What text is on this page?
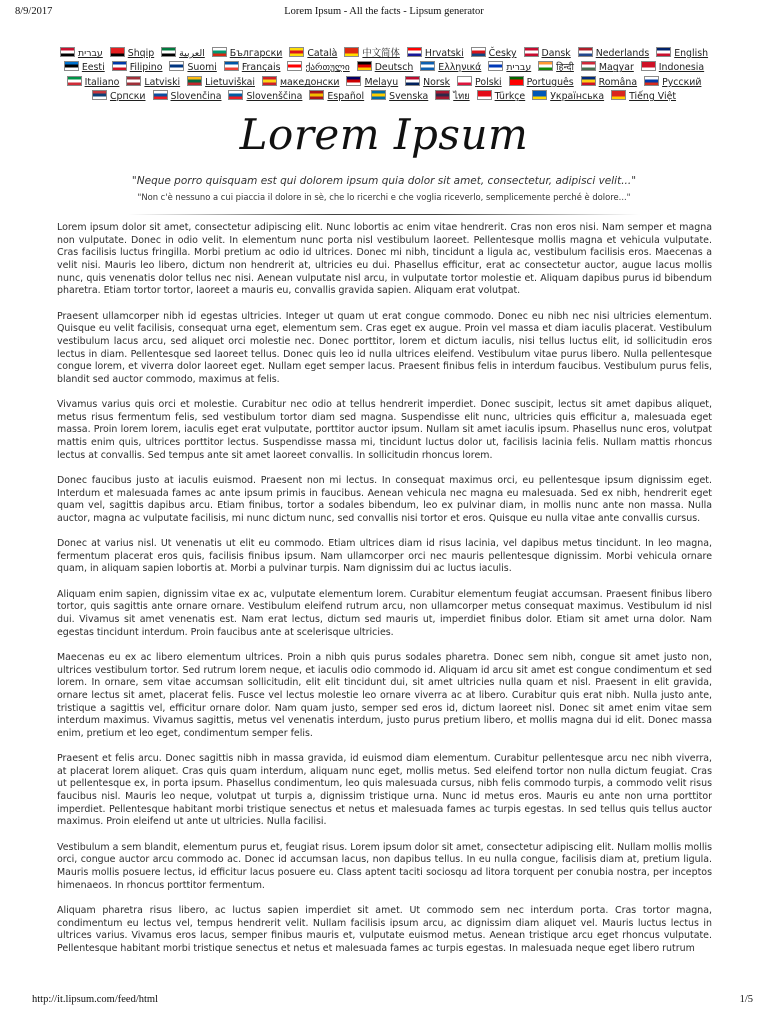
8/9/2017	Lorem Ipsum - All the facts - Lipsum generator
‏עברית	Shqip	‫العربية	Български	Català	中文简体	Hrvatski	Česky	Dansk	Nederlands	English Eesti	Filipino	Suomi	Français	ქართული	Deutsch	Ελληνικά	‫עברית	हिन्दी	Magyar	Indonesia Italiano	Latviski	Lietuviškai	македонски	Melayu	Norsk	Polski	Português	Româna	Pyccкий Српски	Slovenčina	Slovenščina	Español	Svenska	ไทย	Türkçe	Українська	Tiếng Việt
Lorem Ipsum
"Neque porro quisquam est qui dolorem ipsum quia dolor sit amet, consectetur, adipisci velit..."
"Non c'è nessuno a cui piaccia il dolore in sè, che lo ricerchi e che voglia riceverlo, semplicemente perché è dolore..."

Lorem ipsum dolor sit amet, consectetur adipiscing elit. Nunc lobortis ac enim vitae hendrerit. Cras non eros nisi. Nam semper et magna non vulputate. Donec in odio velit. In elementum nunc porta nisl vestibulum laoreet. Pellentesque mollis magna et vehicula vulputate. Cras facilisis luctus fringilla. Morbi pretium ac odio id ultrices. Donec mi nibh, tincidunt a ligula ac, vestibulum facilisis eros. Maecenas a velit nisi. Mauris leo libero, dictum non hendrerit at, ultricies eu dui. Phasellus efficitur, erat ac consectetur auctor, augue lacus mollis nunc, quis venenatis dolor tellus nec nisi. Aenean vulputate nisl arcu, in vulputate tortor molestie et. Aliquam dapibus purus id bibendum pharetra. Etiam tortor tortor, laoreet a mauris eu, convallis gravida sapien. Aliquam erat volutpat.

Praesent ullamcorper nibh id egestas ultricies. Integer ut quam ut erat congue commodo. Donec eu nibh nec nisi ultricies elementum. Quisque eu velit facilisis, consequat urna eget, elementum sem. Cras eget ex augue. Proin vel massa et diam iaculis placerat. Vestibulum vestibulum lacus arcu, sed aliquet orci molestie nec. Donec porttitor, lorem et dictum iaculis, nisi tellus luctus elit, id sollicitudin eros lectus in diam. Pellentesque sed laoreet tellus. Donec quis leo id nulla ultrices eleifend. Vestibulum vitae purus libero. Nulla pellentesque congue lorem, et viverra dolor laoreet eget. Nullam eget semper lacus. Praesent finibus felis in interdum faucibus. Vestibulum purus felis, blandit sed auctor commodo, maximus at felis.

Vivamus varius quis orci et molestie. Curabitur nec odio at tellus hendrerit imperdiet. Donec suscipit, lectus sit amet dapibus aliquet, metus risus fermentum felis, sed vestibulum tortor diam sed magna. Suspendisse elit nunc, ultricies quis efficitur a, malesuada eget massa. Proin lorem lorem, iaculis eget erat vulputate, porttitor auctor ipsum. Nullam sit amet iaculis ipsum. Phasellus nunc eros, volutpat mattis enim quis, ultrices porttitor lectus. Suspendisse massa mi, tincidunt luctus dolor ut, facilisis lacinia felis. Nullam mattis rhoncus lectus at convallis. Sed tempus ante sit amet laoreet convallis. In sollicitudin rhoncus lorem.

Donec faucibus justo at iaculis euismod. Praesent non mi lectus. In consequat maximus orci, eu pellentesque ipsum dignissim eget. Interdum et malesuada fames ac ante ipsum primis in faucibus. Aenean vehicula nec magna eu malesuada. Sed ex nibh, hendrerit eget quam vel, sagittis dapibus arcu. Etiam finibus, tortor a sodales bibendum, leo ex pulvinar diam, in mollis nunc ante non massa. Nulla auctor, magna ac vulputate facilisis, mi nunc dictum nunc, sed convallis nisi tortor et eros. Quisque eu nulla vitae ante convallis cursus.

Donec at varius nisl. Ut venenatis ut elit eu commodo. Etiam ultrices diam id risus lacinia, vel dapibus metus tincidunt. In leo magna, fermentum placerat eros quis, facilisis finibus ipsum. Nam ullamcorper orci nec mauris pellentesque dignissim. Morbi vehicula ornare quam, in aliquam sapien lobortis at. Morbi a pulvinar turpis. Nam dignissim dui ac luctus iaculis.

Aliquam enim sapien, dignissim vitae ex ac, vulputate elementum lorem. Curabitur elementum feugiat accumsan. Praesent finibus libero tortor, quis sagittis ante ornare ornare. Vestibulum eleifend rutrum arcu, non ullamcorper metus consequat maximus. Vestibulum id nisl dui. Vivamus sit amet venenatis est. Nam erat lectus, dictum sed mauris ut, imperdiet finibus dolor. Etiam sit amet urna dolor. Nam egestas tincidunt interdum. Proin faucibus ante at scelerisque ultricies.

Maecenas eu ex ac libero elementum ultrices. Proin a nibh quis purus sodales pharetra. Donec sem nibh, congue sit amet justo non, ultrices vestibulum tortor. Sed rutrum lorem neque, et iaculis odio commodo id. Aliquam id arcu sit amet est congue condimentum et sed lorem. In ornare, sem vitae accumsan sollicitudin, elit elit tincidunt dui, sit amet ultricies nulla quam et nisl. Praesent in elit gravida, ornare lectus sit amet, placerat felis. Fusce vel lectus molestie leo ornare viverra ac at libero. Curabitur quis erat nibh. Nulla justo ante, tristique a sagittis vel, efficitur ornare dolor. Nam quam justo, semper sed eros id, dictum laoreet nisl. Donec sit amet enim vitae sem interdum maximus. Vivamus sagittis, metus vel venenatis interdum, justo purus pretium libero, et mollis magna dui id elit. Donec massa enim, pretium et leo eget, condimentum semper felis.

Praesent et felis arcu. Donec sagittis nibh in massa gravida, id euismod diam elementum. Curabitur pellentesque arcu nec nibh viverra, at placerat lorem aliquet. Cras quis quam interdum, aliquam nunc eget, mollis metus. Sed eleifend tortor non nulla dictum feugiat. Cras ut pellentesque ex, in porta ipsum. Phasellus condimentum, leo quis malesuada cursus, nibh felis commodo turpis, a commodo velit risus faucibus nisl. Mauris leo neque, volutpat ut turpis a, dignissim tristique urna. Nunc id metus eros. Mauris eu ante non urna porttitor imperdiet. Pellentesque habitant morbi tristique senectus et netus et malesuada fames ac turpis egestas. In sed tellus quis tellus auctor maximus. Proin eleifend ut ante ut ultricies. Nulla facilisi.

Vestibulum a sem blandit, elementum purus et, feugiat risus. Lorem ipsum dolor sit amet, consectetur adipiscing elit. Nullam mollis mollis orci, congue auctor arcu commodo ac. Donec id accumsan lacus, non dapibus tellus. In eu nulla congue, facilisis diam at, pretium ligula. Mauris mollis posuere lectus, id efficitur lacus posuere eu. Class aptent taciti sociosqu ad litora torquent per conubia nostra, per inceptos himenaeos. In rhoncus porttitor fermentum.

Aliquam pharetra risus libero, ac luctus sapien imperdiet sit amet. Ut commodo sem nec interdum porta. Cras tortor magna, condimentum eu lectus vel, tempus hendrerit velit. Nullam facilisis ipsum arcu, ac dignissim diam aliquet vel. Mauris luctus lectus in ultrices varius. Vivamus eros lacus, semper finibus mauris et, vulputate euismod metus. Aenean tristique arcu eget rhoncus vulputate. Pellentesque habitant morbi tristique senectus et netus et malesuada fames ac turpis egestas. In malesuada neque eget libero rutrum

http://it.lipsum.com/feed/html	1/5
